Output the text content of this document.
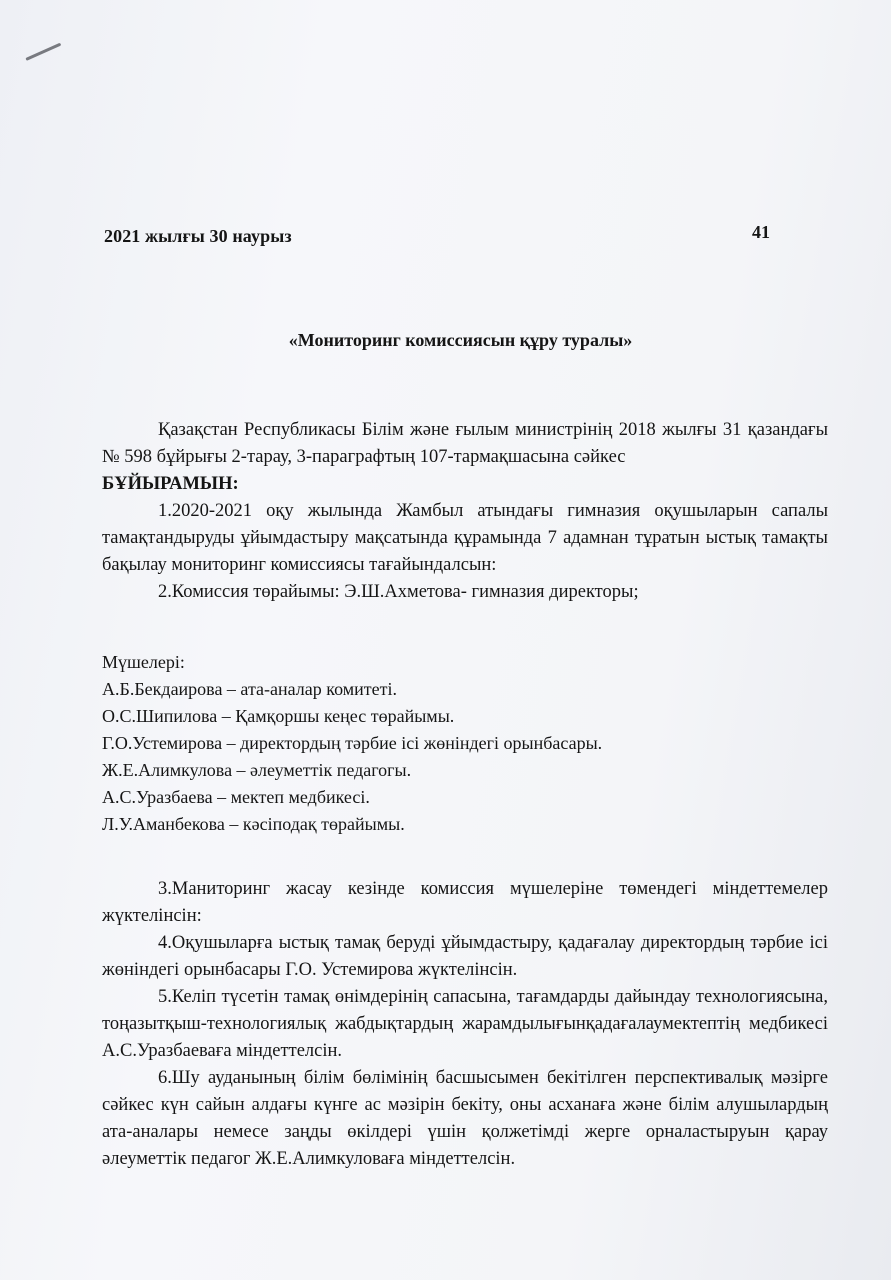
2021 жылғы 30 наурыз	41
«Мониторинг комиссиясын құру туралы»

Қазақстан Республикасы Білім және ғылым министрінің 2018 жылғы 31 қазандағы № 598 бұйрығы 2-тарау, 3-параграфтың 107-тармақшасына сәйкес

БҰЙЫРАМЫН:

1.2020-2021 оқу жылында Жамбыл атындағы гимназия оқушыларын сапалы тамақтандыруды ұйымдастыру мақсатында құрамында 7 адамнан тұратын ыстық тамақты бақылау мониторинг комиссиясы тағайындалсын:

2.Комиссия төрайымы: Э.Ш.Ахметова- гимназия директоры;

Мүшелері:

А.Б.Бекдаирова – ата-аналар комитеті.

О.С.Шипилова – Қамқоршы кеңес төрайымы.

Г.О.Устемирова – директордың тәрбие ісі жөніндегі орынбасары.

Ж.Е.Алимкулова – әлеуметтік педагогы.

А.С.Уразбаева – мектеп медбикесі.

Л.У.Аманбекова – кәсіподақ төрайымы.

3.Маниторинг жасау кезінде комиссия мүшелеріне төмендегі міндеттемелер жүктелінсін:

4.Оқушыларға ыстық тамақ беруді ұйымдастыру, қадағалау директордың тәрбие ісі жөніндегі орынбасары Г.О. Устемирова жүктелінсін.

5.Келіп түсетін тамақ өнімдерінің сапасына, тағамдарды дайындау технологиясына, тоңазытқыш-технологиялық жабдықтардың жарамдылығынқадағалаумектептің медбикесі А.С.Уразбаеваға міндеттелсін.

6.Шу ауданының білім бөлімінің басшысымен бекітілген перспективалық мәзірге сәйкес күн сайын алдағы күнге ас мәзірін бекіту, оны асханаға және білім алушылардың ата-аналары немесе заңды өкілдері үшін қолжетімді жерге орналастыруын қарау әлеуметтік педагог Ж.Е.Алимкуловаға міндеттелсін.
